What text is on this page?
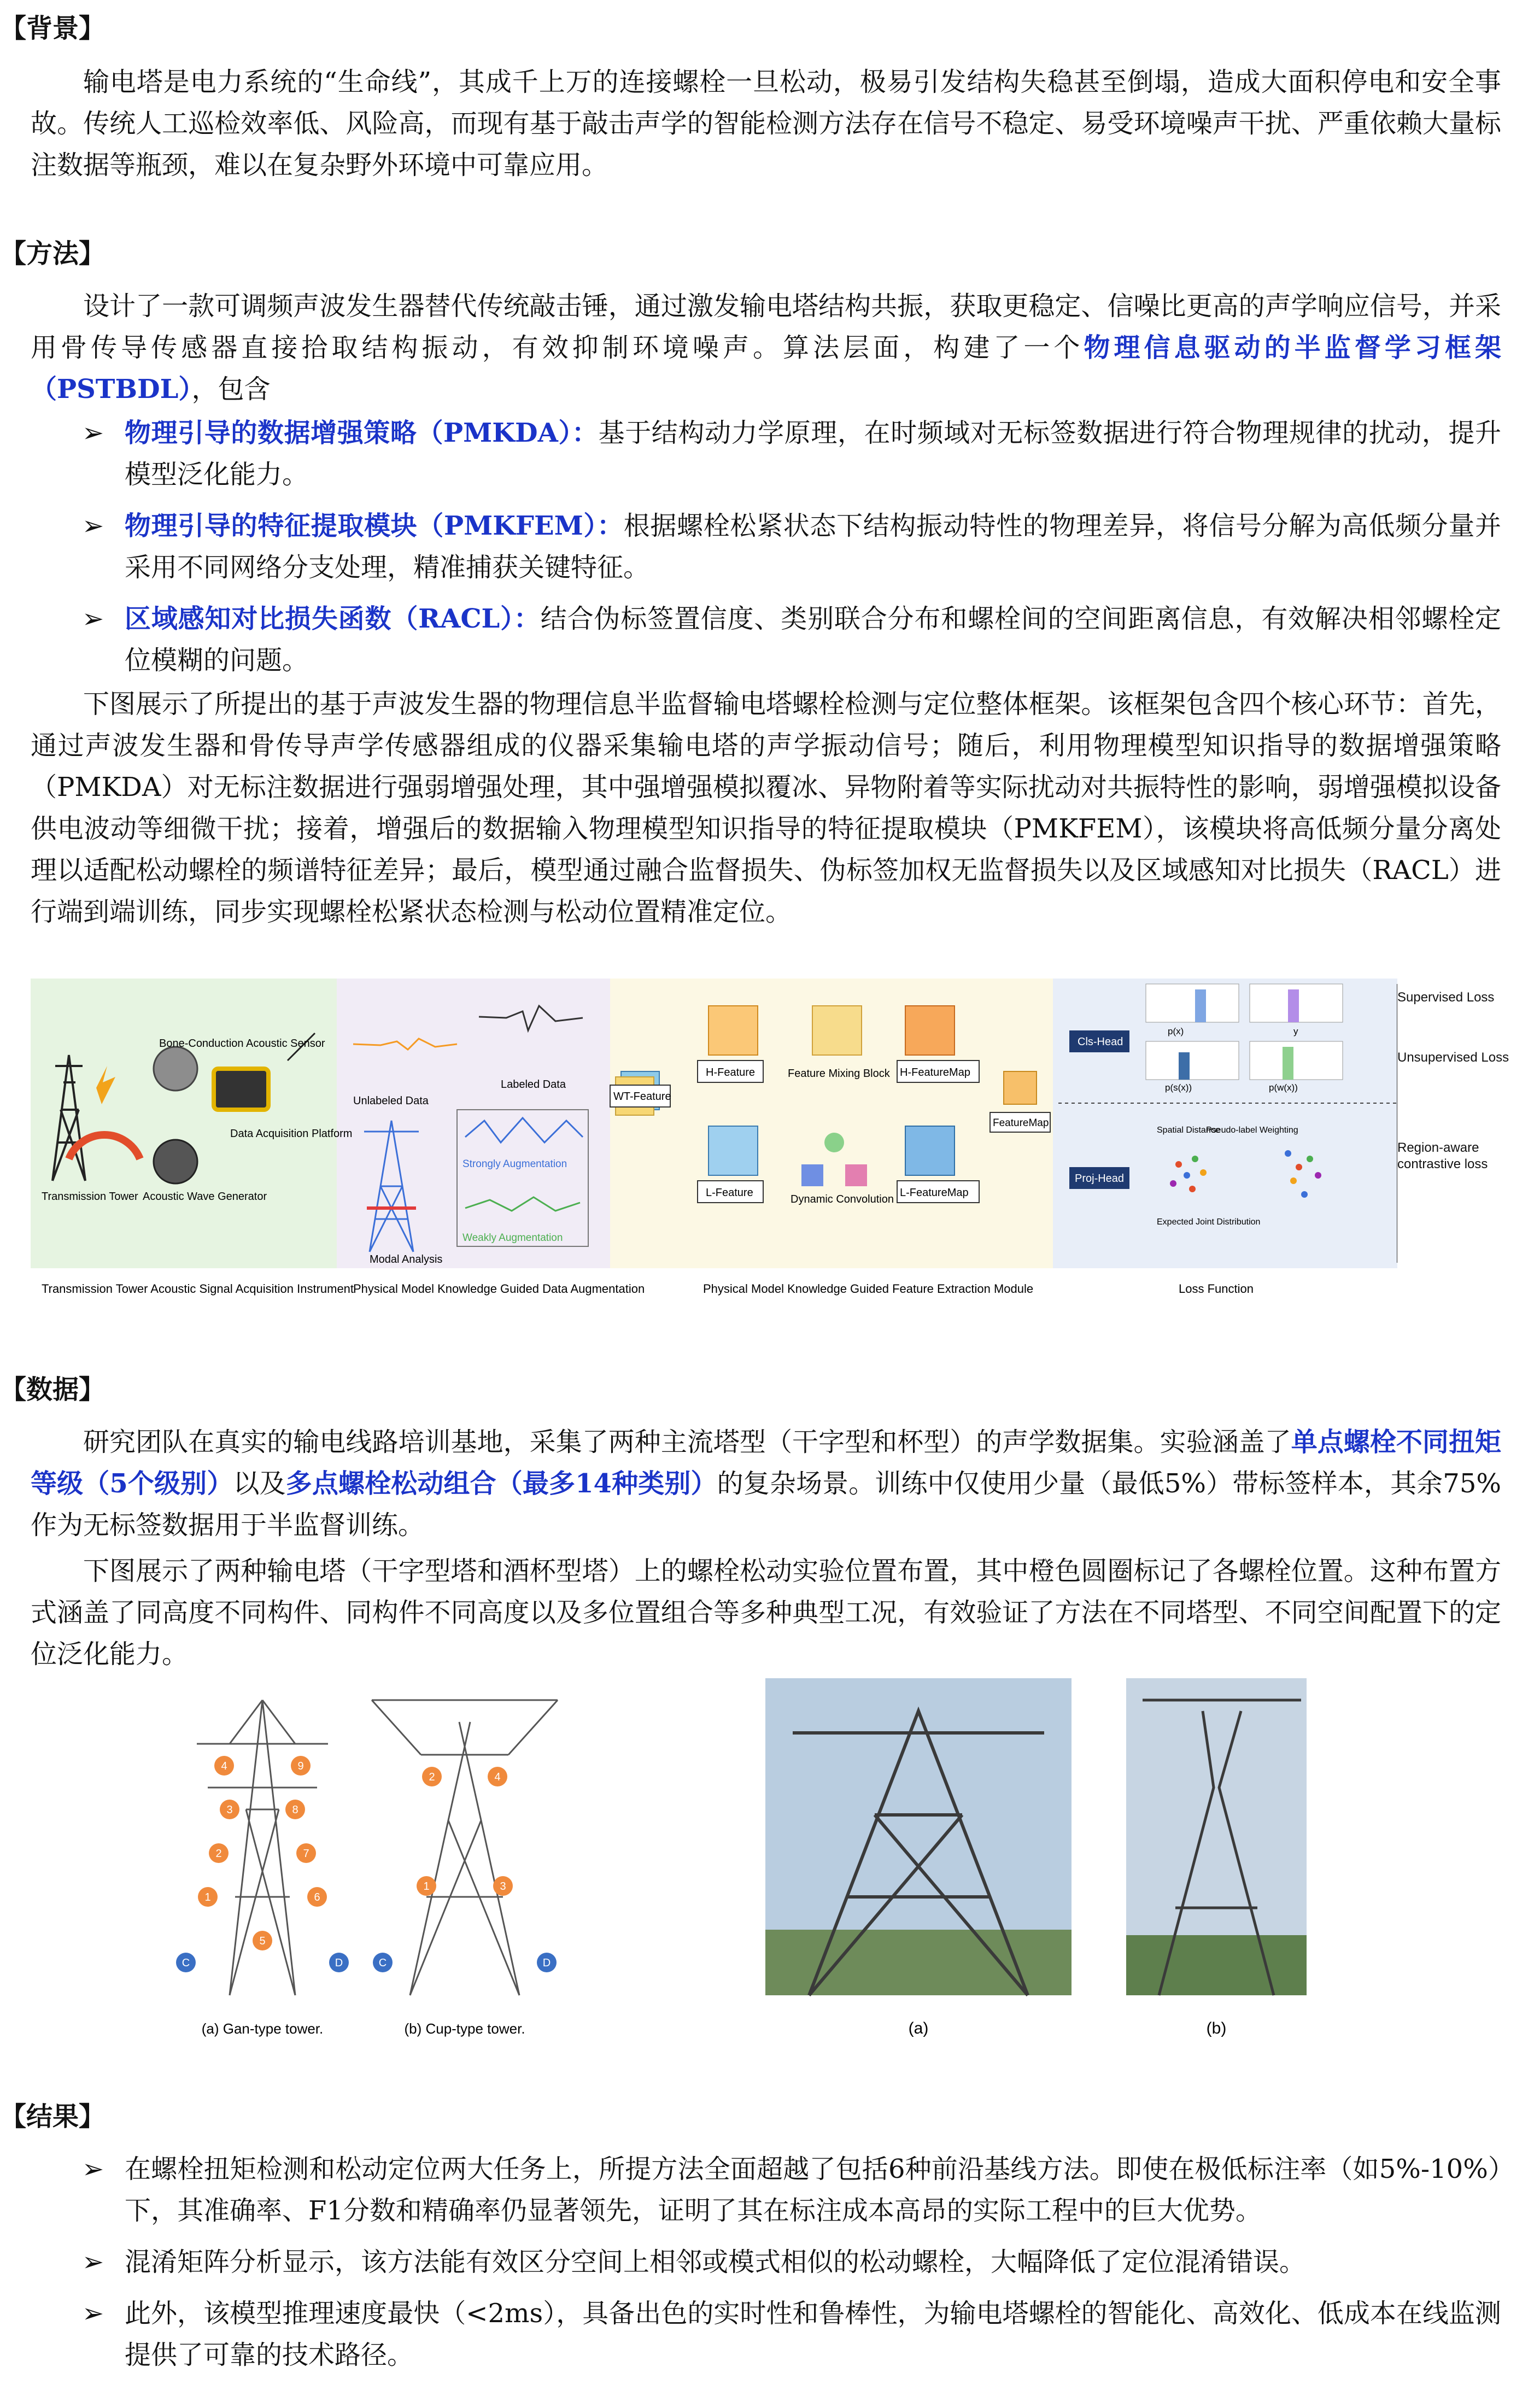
【背景】
输电塔是电力系统的“生命线”，其成千上万的连接螺栓一旦松动，极易引发结构失稳甚至倒塌，造成大面积停电和安全事故。传统人工巡检效率低、风险高，而现有基于敲击声学的智能检测方法存在信号不稳定、易受环境噪声干扰、严重依赖大量标注数据等瓶颈，难以在复杂野外环境中可靠应用。
【方法】
设计了一款可调频声波发生器替代传统敲击锤，通过激发输电塔结构共振，获取更稳定、信噪比更高的声学响应信号，并采用骨传导传感器直接拾取结构振动，有效抑制环境噪声。算法层面，构建了一个物理信息驱动的半监督学习框架（PSTBDL），包含
➢ 物理引导的数据增强策略（PMKDA）：基于结构动力学原理，在时频域对无标签数据进行符合物理规律的扰动，提升模型泛化能力。
➢ 物理引导的特征提取模块（PMKFEM）：根据螺栓松紧状态下结构振动特性的物理差异，将信号分解为高低频分量并采用不同网络分支处理，精准捕获关键特征。
➢ 区域感知对比损失函数（RACL）：结合伪标签置信度、类别联合分布和螺栓间的空间距离信息，有效解决相邻螺栓定位模糊的问题。
下图展示了所提出的基于声波发生器的物理信息半监督输电塔螺栓检测与定位整体框架。该框架包含四个核心环节：首先，通过声波发生器和骨传导声学传感器组成的仪器采集输电塔的声学振动信号；随后，利用物理模型知识指导的数据增强策略（PMKDA）对无标注数据进行强弱增强处理，其中强增强模拟覆冰、异物附着等实际扰动对共振特性的影响，弱增强模拟设备供电波动等细微干扰；接着，增强后的数据输入物理模型知识指导的特征提取模块（PMKFEM），该模块将高低频分量分离处理以适配松动螺栓的频谱特征差异；最后，模型通过融合监督损失、伪标签加权无监督损失以及区域感知对比损失（RACL）进行端到端训练，同步实现螺栓松紧状态检测与松动位置精准定位。
Bone-Conduction Acoustic Sensor
Data Acquisition Platform
Transmission Tower Acoustic Wave Generator
Unlabeled Data
Labeled Data
Strongly Augmentation
Weakly Augmentation
Modal Analysis
WT-Feature
H-Feature	Feature Mixing Block H-FeatureMap
L-Feature
Dynamic Convolution
L-FeatureMap
FeatureMap
Cls-Head
Proj-Head
p(x)	y
p(s(x))	p(w(x))
Spatial Distance
Pseudo-label Weighting
Expected Joint Distribution
Transmission Tower Acoustic Signal Acquisition Instrument
Physical Model Knowledge Guided Data Augmentation	Physical Model Knowledge Guided Feature Extraction Module	Loss Function
Supervised Loss
Unsupervised Loss
Region-aware contrastive loss
【数据】
研究团队在真实的输电线路培训基地，采集了两种主流塔型（干字型和杯型）的声学数据集。实验涵盖了单点螺栓不同扭矩等级（5个级别）以及多点螺栓松动组合（最多14种类别）的复杂场景。训练中仅使用少量（最低5%）带标签样本，其余75%作为无标签数据用于半监督训练。
下图展示了两种输电塔（干字型塔和酒杯型塔）上的螺栓松动实验位置布置，其中橙色圆圈标记了各螺栓位置。这种布置方式涵盖了同高度不同构件、同构件不同高度以及多位置组合等多种典型工况，有效验证了方法在不同塔型、不同空间配置下的定位泛化能力。
4	9
3	8
2	7
1	6
5
C	D
2	4
1	3
C	D
(a) Gan-type tower.	(b) Cup-type tower.	(a)	(b)
【结果】
➢ 在螺栓扭矩检测和松动定位两大任务上，所提方法全面超越了包括6种前沿基线方法。即使在极低标注率（如5%-10%）下，其准确率、F1分数和精确率仍显著领先，证明了其在标注成本高昂的实际工程中的巨大优势。
➢ 混淆矩阵分析显示，该方法能有效区分空间上相邻或模式相似的松动螺栓，大幅降低了定位混淆错误。
➢ 此外，该模型推理速度最快（<2ms），具备出色的实时性和鲁棒性，为输电塔螺栓的智能化、高效化、低成本在线监测提供了可靠的技术路径。
